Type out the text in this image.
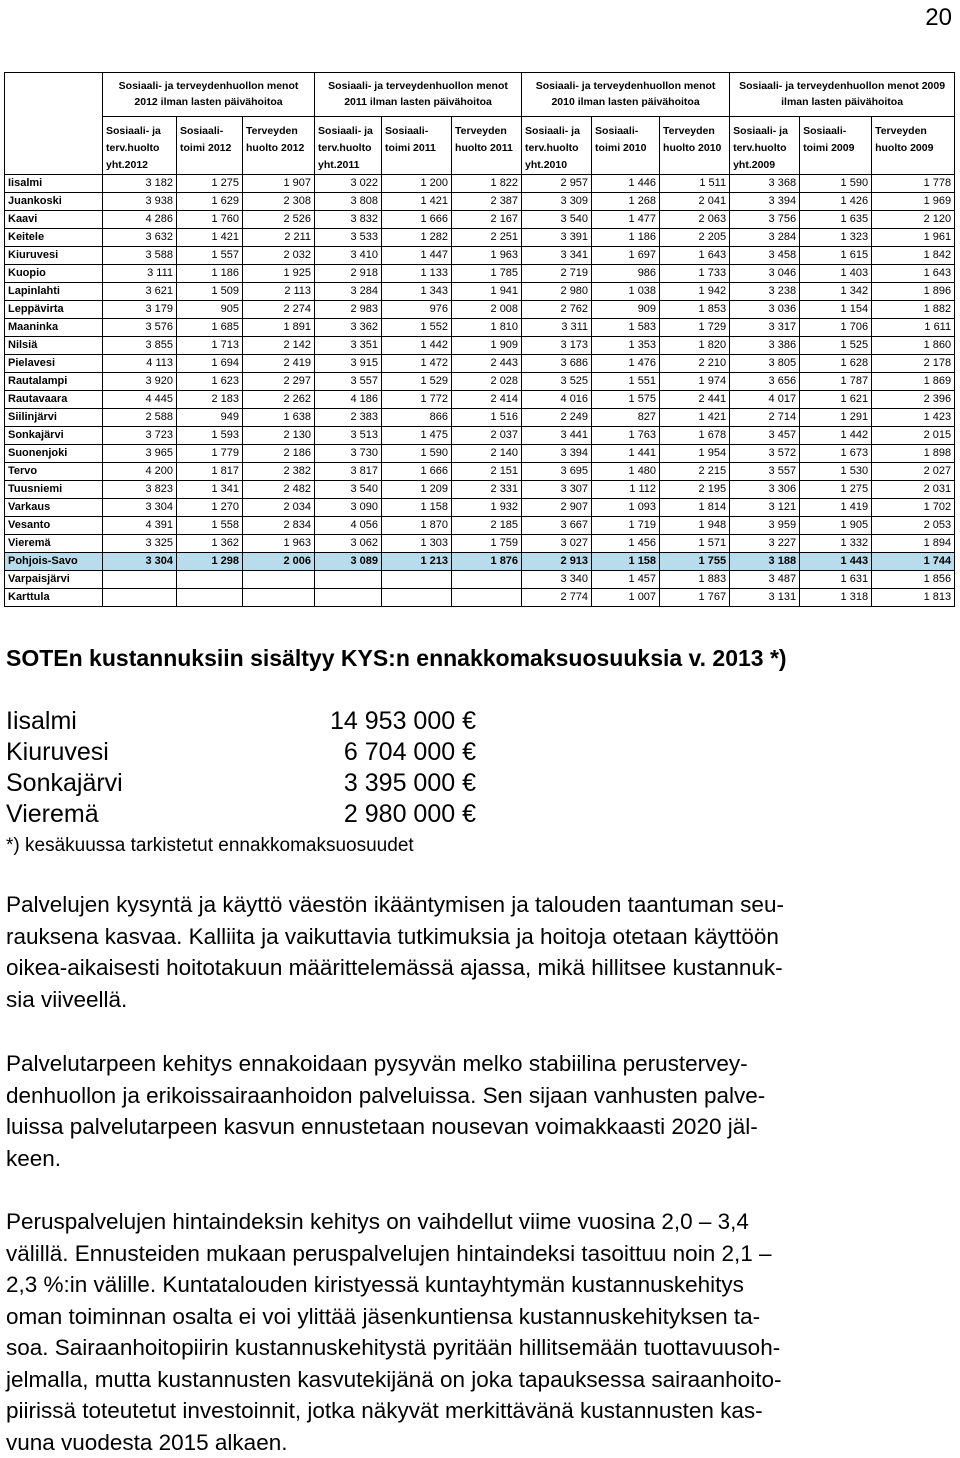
20
	Sosiaali- ja terveydenhuollon menot 2012 ilman lasten päivähoitoa			Sosiaali- ja terveydenhuollon menot 2011 ilman lasten päivähoitoa			Sosiaali- ja terveydenhuollon menot 2010 ilman lasten päivähoitoa			Sosiaali- ja terveydenhuollon menot 2009 ilman lasten päivähoitoa		
	Sosiaali- ja terv.huolto yht.2012	Sosiaali- toimi 2012	Terveyden huolto 2012	Sosiaali- ja terv.huolto yht.2011	Sosiaali- toimi 2011	Terveyden huolto 2011	Sosiaali- ja terv.huolto yht.2010	Sosiaali- toimi 2010	Terveyden huolto 2010	Sosiaali- ja terv.huolto yht.2009	Sosiaali-toimi 2009	Terveyden huolto 2009
Iisalmi	3 182	1 275	1 907	3 022	1 200	1 822	2 957	1 446	1 511	3 368	1 590	1 778
Juankoski	3 938	1 629	2 308	3 808	1 421	2 387	3 309	1 268	2 041	3 394	1 426	1 969
Kaavi	4 286	1 760	2 526	3 832	1 666	2 167	3 540	1 477	2 063	3 756	1 635	2 120
Keitele	3 632	1 421	2 211	3 533	1 282	2 251	3 391	1 186	2 205	3 284	1 323	1 961
Kiuruvesi	3 588	1 557	2 032	3 410	1 447	1 963	3 341	1 697	1 643	3 458	1 615	1 842
Kuopio	3 111	1 186	1 925	2 918	1 133	1 785	2 719	986	1 733	3 046	1 403	1 643
Lapinlahti	3 621	1 509	2 113	3 284	1 343	1 941	2 980	1 038	1 942	3 238	1 342	1 896
Leppävirta	3 179	905	2 274	2 983	976	2 008	2 762	909	1 853	3 036	1 154	1 882
Maaninka	3 576	1 685	1 891	3 362	1 552	1 810	3 311	1 583	1 729	3 317	1 706	1 611
Nilsiä	3 855	1 713	2 142	3 351	1 442	1 909	3 173	1 353	1 820	3 386	1 525	1 860
Pielavesi	4 113	1 694	2 419	3 915	1 472	2 443	3 686	1 476	2 210	3 805	1 628	2 178
Rautalampi	3 920	1 623	2 297	3 557	1 529	2 028	3 525	1 551	1 974	3 656	1 787	1 869
Rautavaara	4 445	2 183	2 262	4 186	1 772	2 414	4 016	1 575	2 441	4 017	1 621	2 396
Siilinjärvi	2 588	949	1 638	2 383	866	1 516	2 249	827	1 421	2 714	1 291	1 423
Sonkajärvi	3 723	1 593	2 130	3 513	1 475	2 037	3 441	1 763	1 678	3 457	1 442	2 015
Suonenjoki	3 965	1 779	2 186	3 730	1 590	2 140	3 394	1 441	1 954	3 572	1 673	1 898
Tervo	4 200	1 817	2 382	3 817	1 666	2 151	3 695	1 480	2 215	3 557	1 530	2 027
Tuusniemi	3 823	1 341	2 482	3 540	1 209	2 331	3 307	1 112	2 195	3 306	1 275	2 031
Varkaus	3 304	1 270	2 034	3 090	1 158	1 932	2 907	1 093	1 814	3 121	1 419	1 702
Vesanto	4 391	1 558	2 834	4 056	1 870	2 185	3 667	1 719	1 948	3 959	1 905	2 053
Vieremä	3 325	1 362	1 963	3 062	1 303	1 759	3 027	1 456	1 571	3 227	1 332	1 894
Pohjois-Savo	3 304	1 298	2 006	3 089	1 213	1 876	2 913	1 158	1 755	3 188	1 443	1 744
Varpaisjärvi							3 340	1 457	1 883	3 487	1 631	1 856
Karttula							2 774	1 007	1 767	3 131	1 318	1 813
SOTEn kustannuksiin sisältyy KYS:n ennakkomaksuosuuksia v. 2013 *)
Iisalmi	14 953 000 €
Kiuruvesi	6 704 000 €
Sonkajärvi	3 395 000 €
Vieremä	2 980 000 €
*) kesäkuussa tarkistetut ennakkomaksuosuudet

Palvelujen kysyntä ja käyttö väestön ikääntymisen ja talouden taantuman seu-

rauksena kasvaa. Kalliita ja vaikuttavia tutkimuksia ja hoitoja otetaan käyttöön

oikea-aikaisesti hoitotakuun määrittelemässä ajassa, mikä hillitsee kustannuk-

sia viiveellä.

Palvelutarpeen kehitys ennakoidaan pysyvän melko stabiilina perustervey-

denhuollon ja erikoissairaanhoidon palveluissa. Sen sijaan vanhusten palve-

luissa palvelutarpeen kasvun ennustetaan nousevan voimakkaasti 2020 jäl-

keen.

Peruspalvelujen hintaindeksin kehitys on vaihdellut viime vuosina 2,0 – 3,4

välillä. Ennusteiden mukaan peruspalvelujen hintaindeksi tasoittuu noin 2,1 –

2,3 %:in välille. Kuntatalouden kiristyessä kuntayhtymän kustannuskehitys

oman toiminnan osalta ei voi ylittää jäsenkuntiensa kustannuskehityksen ta-

soa. Sairaanhoitopiirin kustannuskehitystä pyritään hillitsemään tuottavuusoh-

jelmalla, mutta kustannusten kasvutekijänä on joka tapauksessa sairaanhoito-

piirissä toteutetut investoinnit, jotka näkyvät merkittävänä kustannusten kas-

vuna vuodesta 2015 alkaen.
